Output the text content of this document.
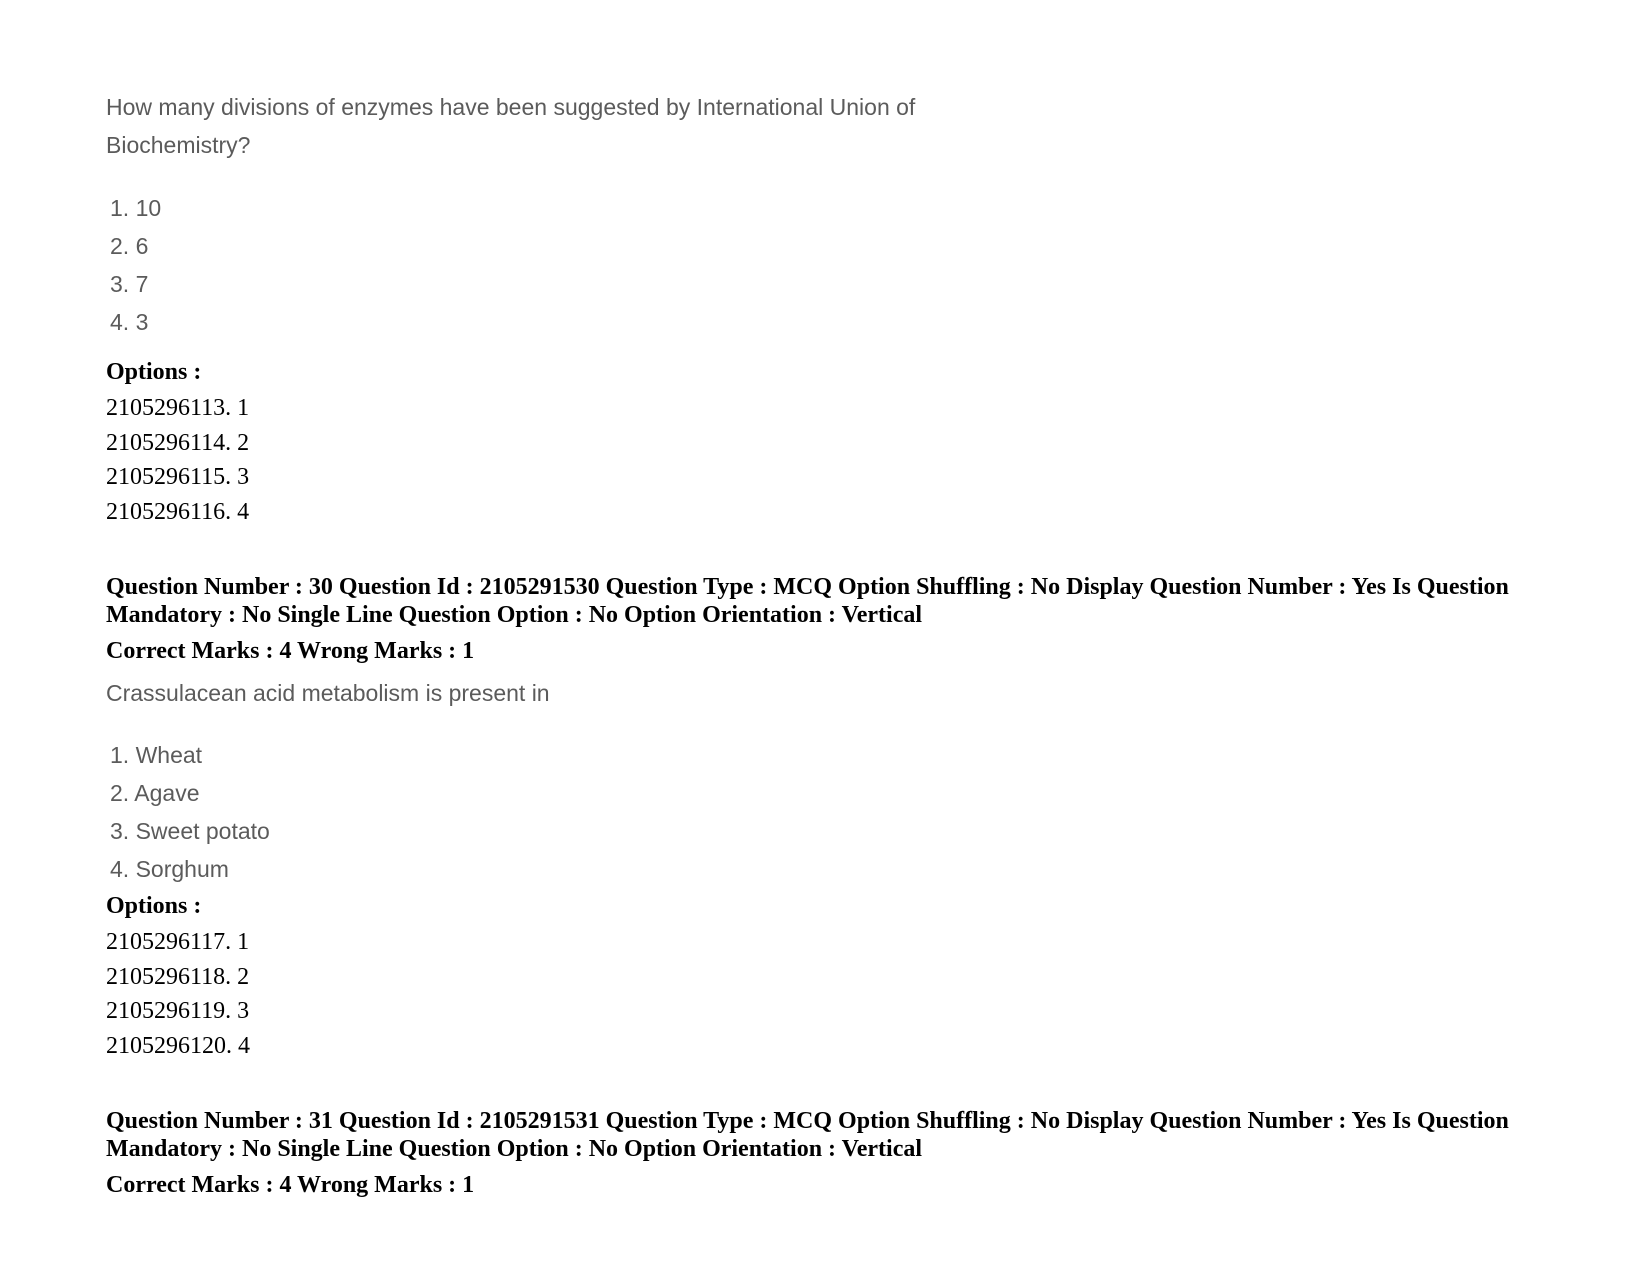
How many divisions of enzymes have been suggested by International Union of Biochemistry?
1. 10
2. 6
3. 7
4. 3
Options :
2105296113. 1
2105296114. 2
2105296115. 3
2105296116. 4
Question Number : 30 Question Id : 2105291530 Question Type : MCQ Option Shuffling : No Display Question Number : Yes Is Question Mandatory : No Single Line Question Option : No Option Orientation : Vertical
Correct Marks : 4 Wrong Marks : 1
Crassulacean acid metabolism is present in
1. Wheat
2. Agave
3. Sweet potato
4. Sorghum
Options :
2105296117. 1
2105296118. 2
2105296119. 3
2105296120. 4
Question Number : 31 Question Id : 2105291531 Question Type : MCQ Option Shuffling : No Display Question Number : Yes Is Question Mandatory : No Single Line Question Option : No Option Orientation : Vertical
Correct Marks : 4 Wrong Marks : 1
